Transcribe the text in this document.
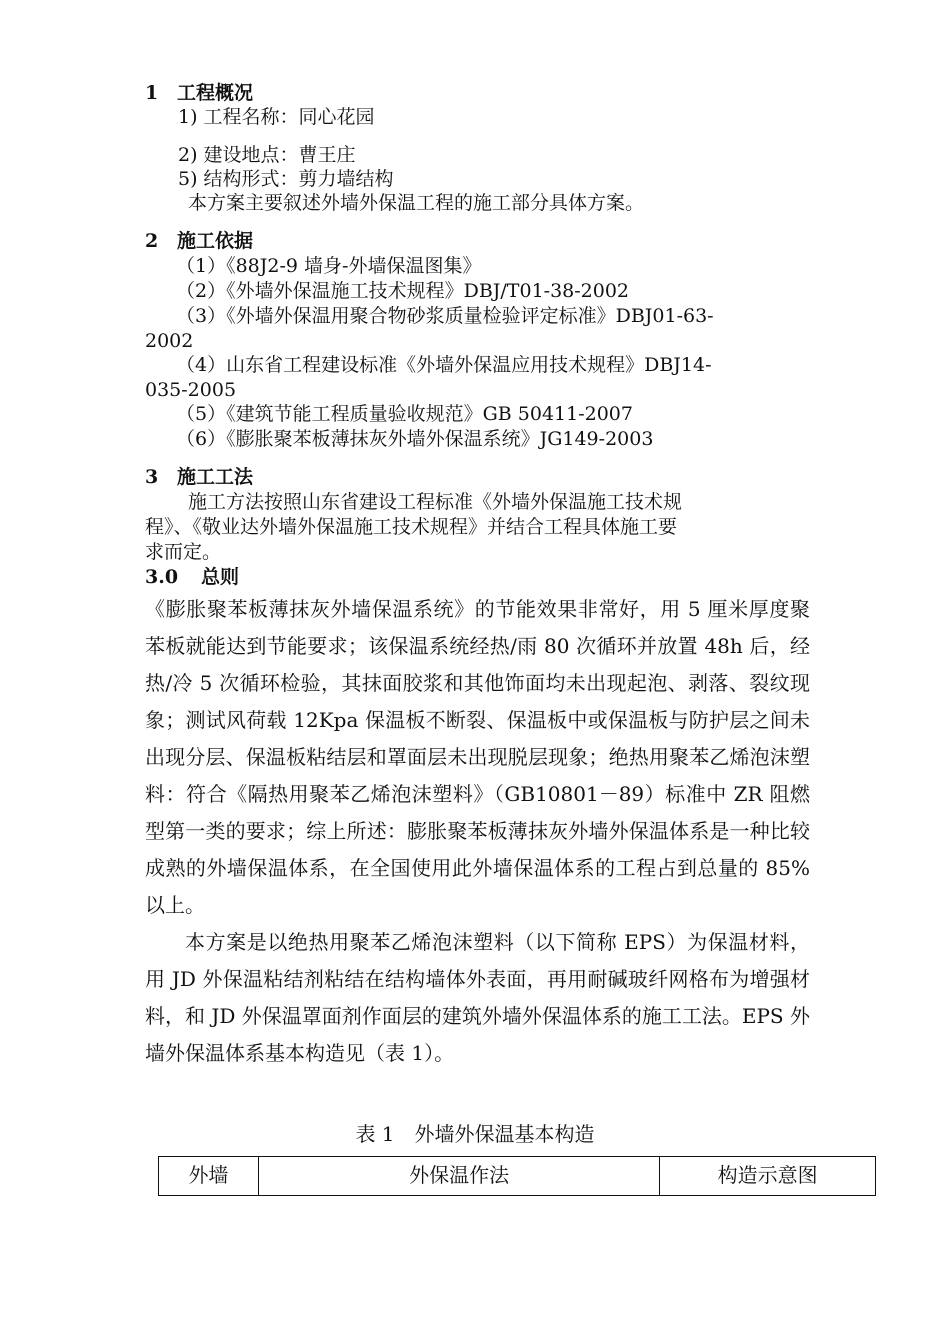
1 工程概况
1) 工程名称：同心花园
2) 建设地点：曹王庄
5) 结构形式：剪力墙结构
本方案主要叙述外墙外保温工程的施工部分具体方案。
2 施工依据
（1）《88J2-9 墙身-外墙保温图集》
（2）《外墙外保温施工技术规程》DBJ/T01-38-2002
（3）《外墙外保温用聚合物砂浆质量检验评定标准》DBJ01-63-
2002
（4）山东省工程建设标准《外墙外保温应用技术规程》DBJ14-
035-2005
（5）《建筑节能工程质量验收规范》GB 50411-2007
（6）《膨胀聚苯板薄抹灰外墙外保温系统》JG149-2003
3 施工工法
施工方法按照山东省建设工程标准《外墙外保温施工技术规
程》、《敬业达外墙外保温施工技术规程》并结合工程具体施工要
求而定。
3.0 总则

《膨胀聚苯板薄抹灰外墙保温系统》的节能效果非常好，用 5 厘米厚度聚苯板就能达到节能要求；该保温系统经热/雨 80 次循环并放置 48h 后，经热/冷 5 次循环检验，其抹面胶浆和其他饰面均未出现起泡、剥落、裂纹现象；测试风荷载 12Kpa 保温板不断裂、保温板中或保温板与防护层之间未出现分层、保温板粘结层和罩面层未出现脱层现象；绝热用聚苯乙烯泡沫塑料：符合《隔热用聚苯乙烯泡沫塑料》（GB10801－89）标准中 ZR 阻燃型第一类的要求；综上所述：膨胀聚苯板薄抹灰外墙外保温体系是一种比较成熟的外墙保温体系，在全国使用此外墙保温体系的工程占到总量的 85%以上。

本方案是以绝热用聚苯乙烯泡沫塑料（以下简称 EPS）为保温材料，用 JD 外保温粘结剂粘结在结构墙体外表面，再用耐碱玻纤网格布为增强材料，和 JD 外保温罩面剂作面层的建筑外墙外保温体系的施工工法。EPS 外墙外保温体系基本构造见（表 1）。

表 1　外墙外保温基本构造
外墙	外保温作法	构造示意图
